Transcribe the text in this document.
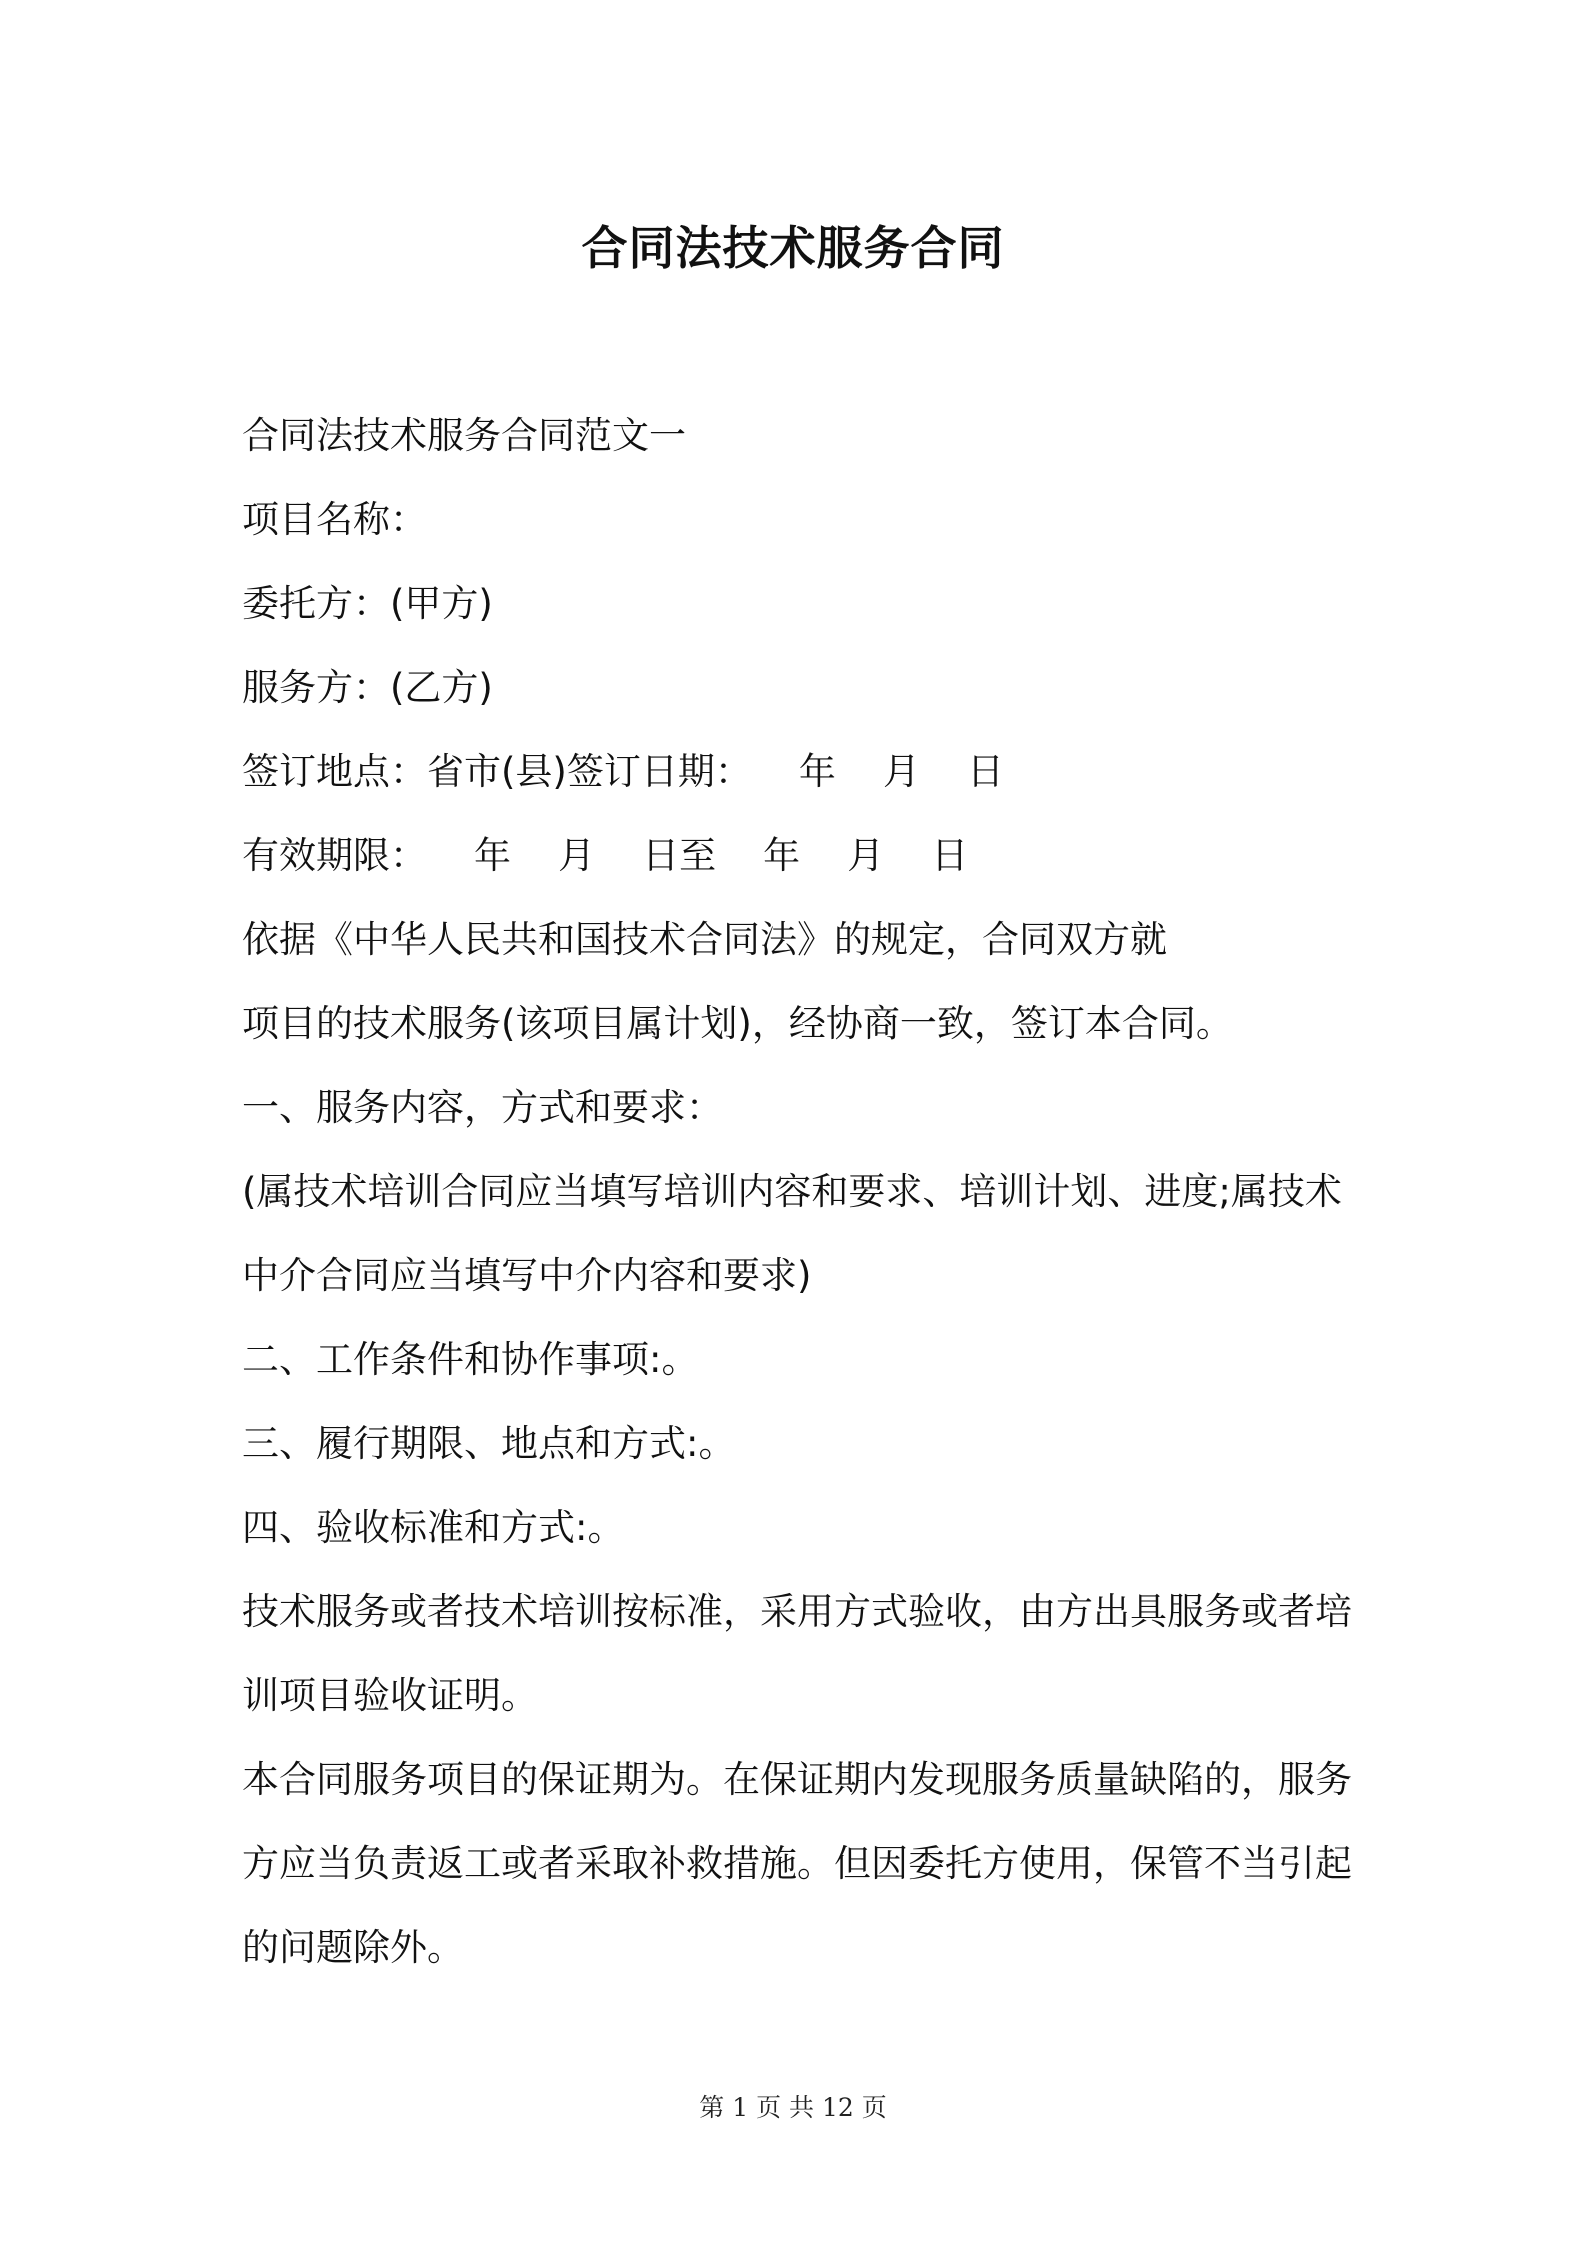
合同法技术服务合同
合同法技术服务合同范文一
项目名称：
委托方：(甲方)
服务方：(乙方)
签订地点：省市(县)签订日期：    年    月    日
有效期限：    年    月    日至    年    月    日
依据《中华人民共和国技术合同法》的规定，合同双方就
项目的技术服务(该项目属计划)，经协商一致，签订本合同。
一、服务内容，方式和要求：
(属技术培训合同应当填写培训内容和要求、培训计划、进度;属技术
中介合同应当填写中介内容和要求)
二、工作条件和协作事项:。
三、履行期限、地点和方式:。
四、验收标准和方式:。
技术服务或者技术培训按标准，采用方式验收，由方出具服务或者培
训项目验收证明。
本合同服务项目的保证期为。在保证期内发现服务质量缺陷的，服务
方应当负责返工或者采取补救措施。但因委托方使用，保管不当引起
的问题除外。
第 1 页 共 12 页
